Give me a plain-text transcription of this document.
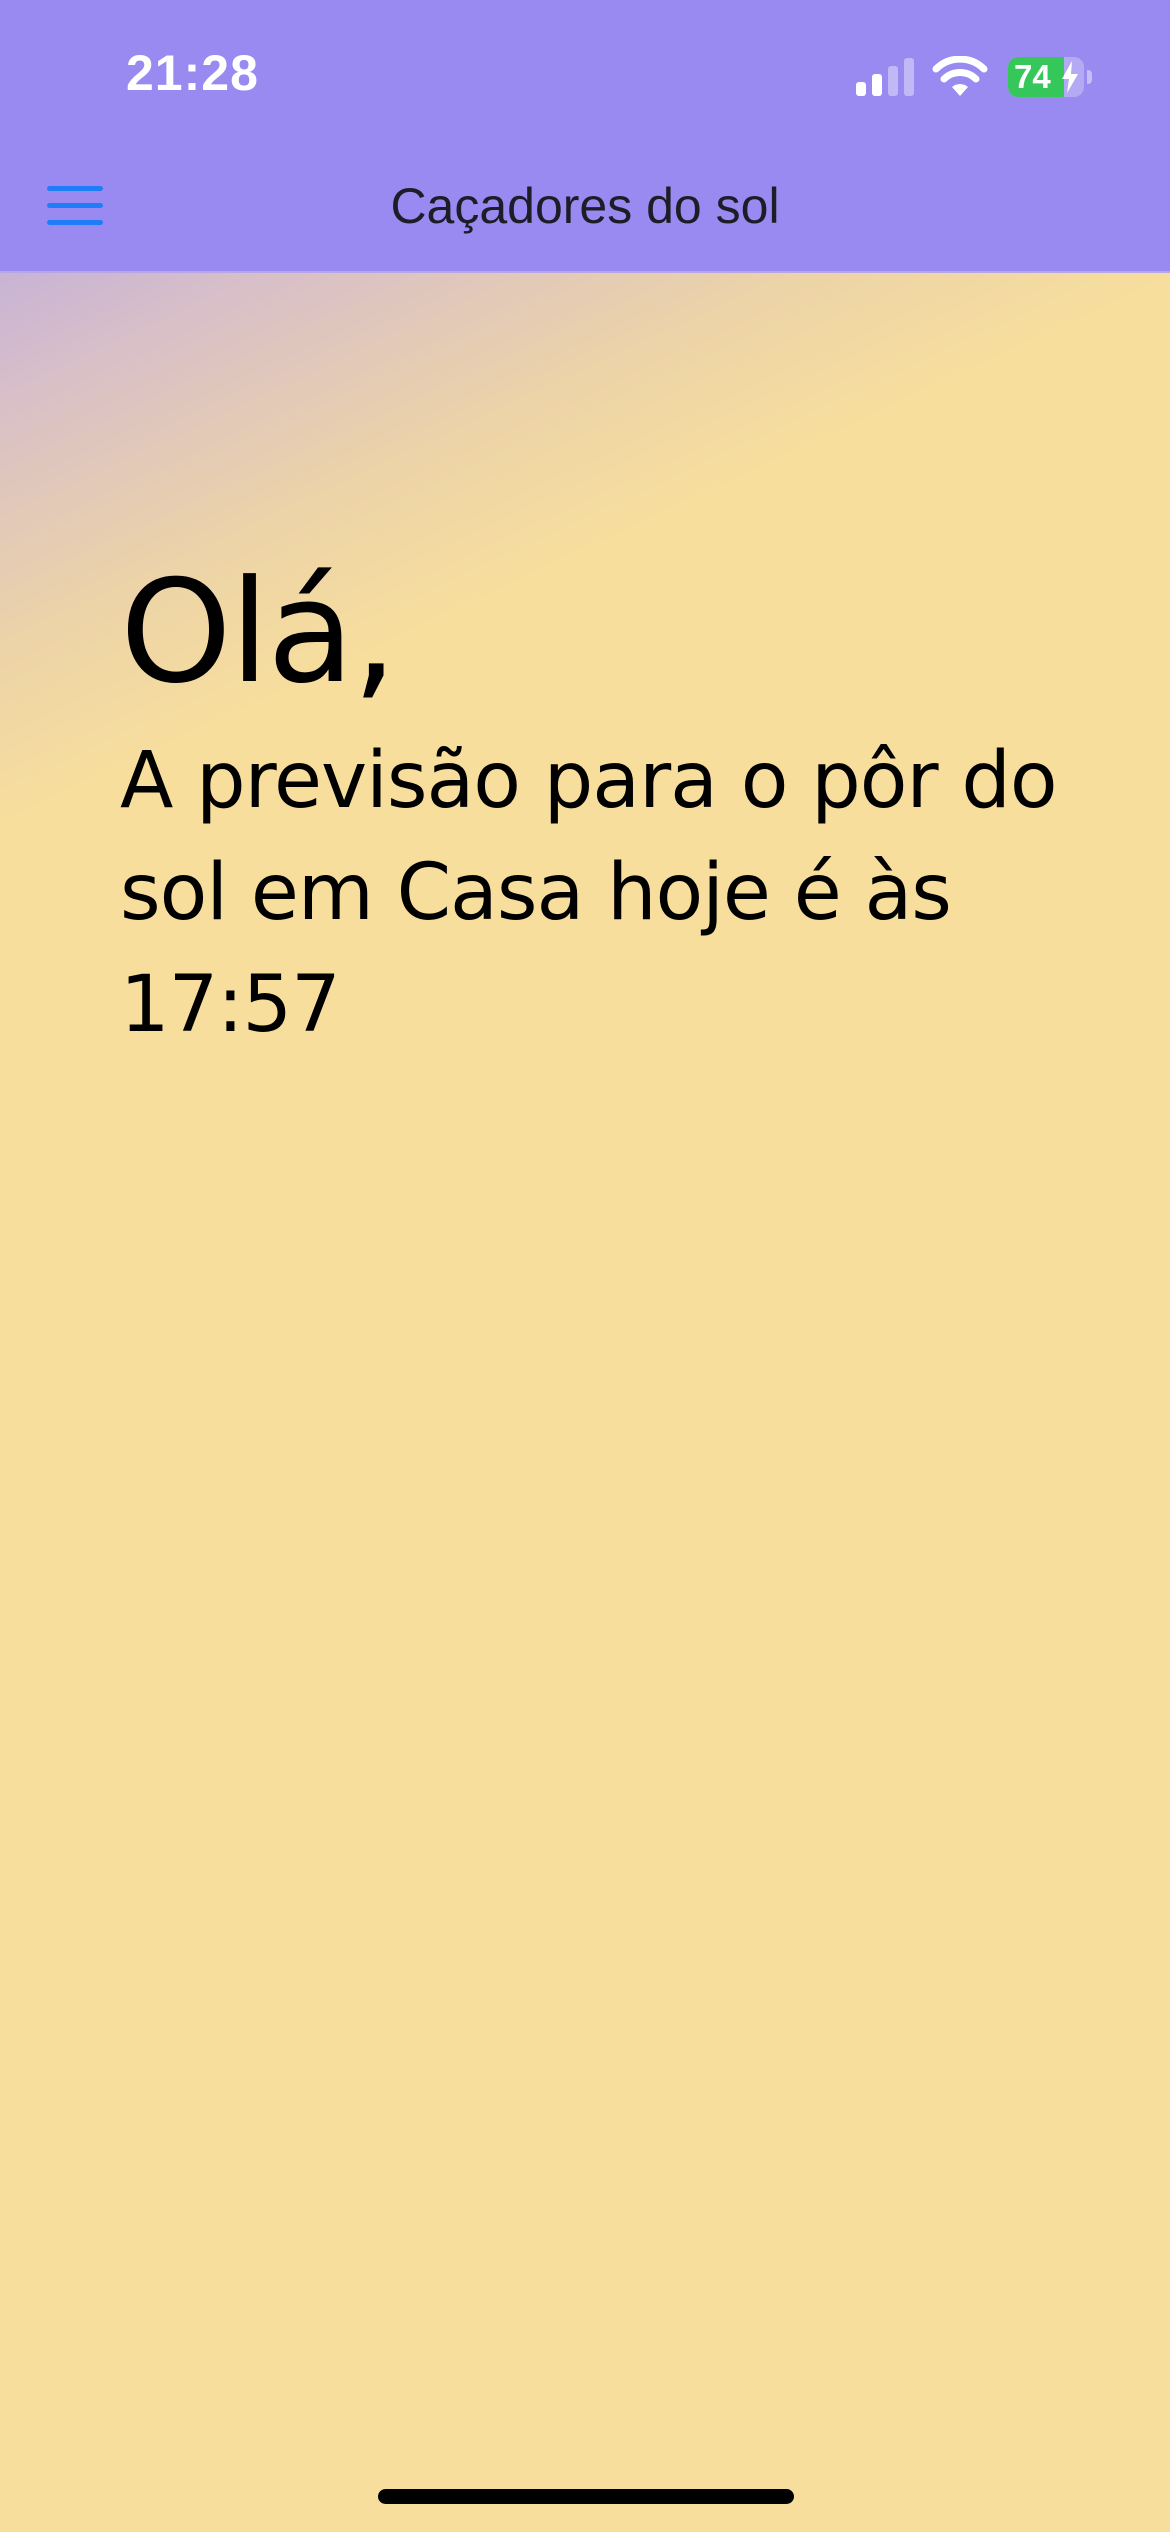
21:28	74
Caçadores do sol
Olá,
A previsão para o pôr do sol em Casa hoje é às 17:57
